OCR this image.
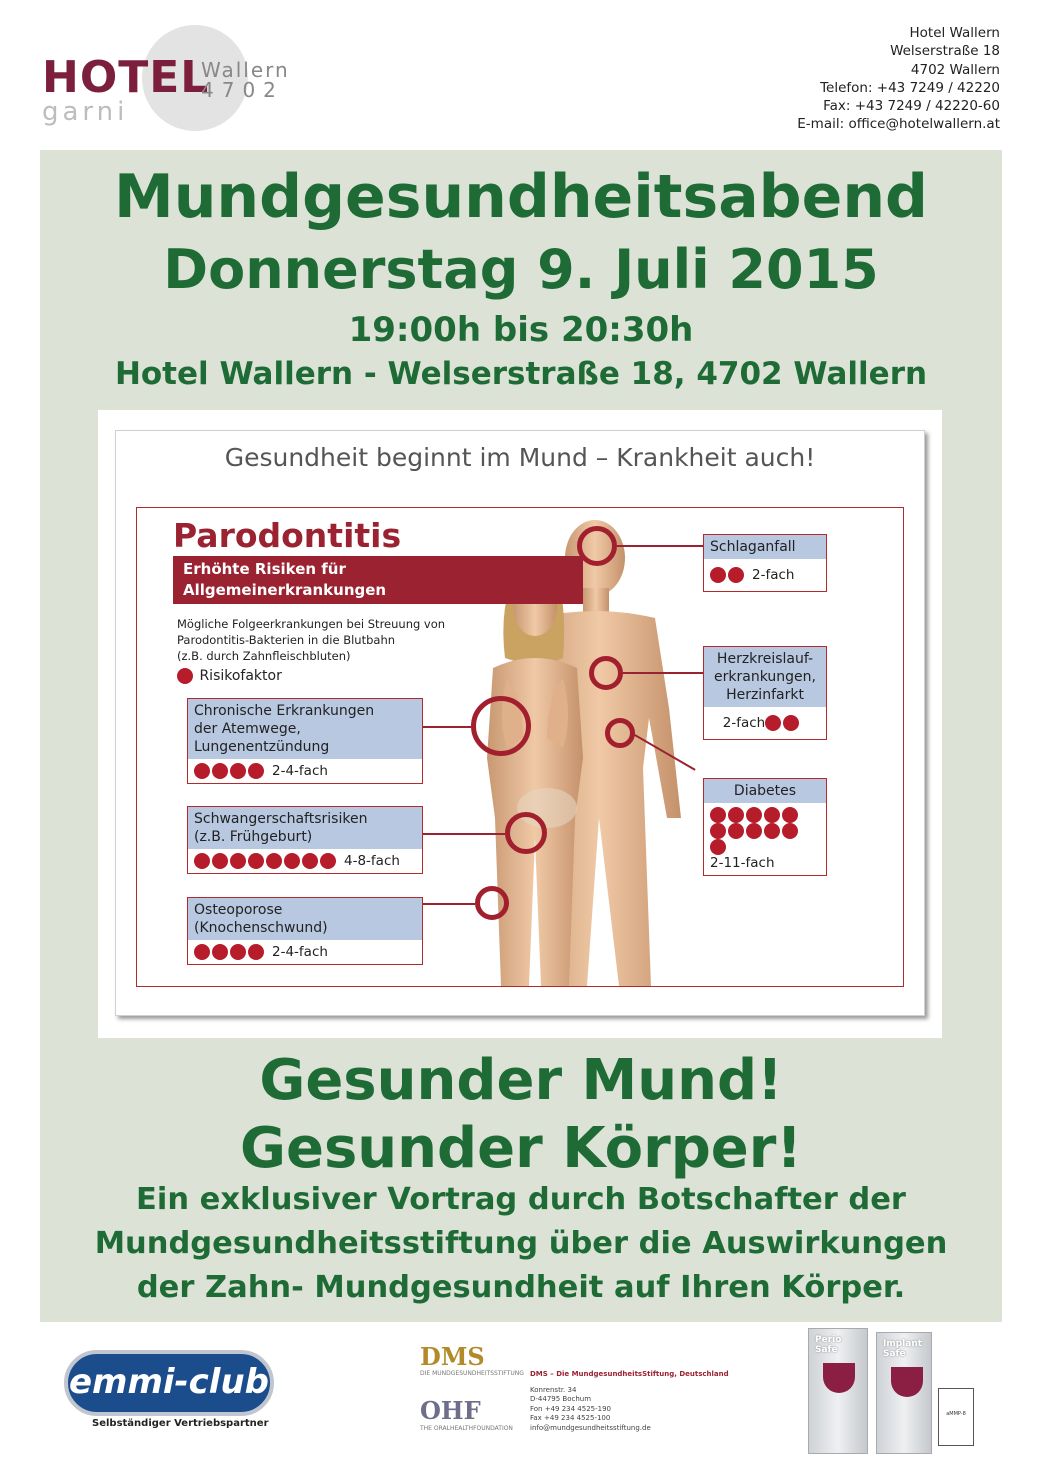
HOTEL
garni
Wallern
4702
Hotel Wallern
Welserstraße 18
4702 Wallern
Telefon: +43 7249 / 42220
Fax: +43 7249 / 42220-60
E-mail: office@hotelwallern.at
Mundgesundheitsabend
Donnerstag 9. Juli 2015
19:00h bis 20:30h
Hotel Wallern - Welserstraße 18, 4702 Wallern
Gesunder Mund!
Gesunder Körper!
Ein exklusiver Vortrag durch Botschafter der
Mundgesundheitsstiftung über die Auswirkungen
der Zahn- Mundgesundheit auf Ihren Körper.
Gesundheit beginnt im Mund – Krankheit auch!
Parodontitis
Erhöhte Risiken für
Allgemeinerkrankungen
Mögliche Folgeerkrankungen bei Streuung von
Parodontitis-Bakterien in die Blutbahn
(z.B. durch Zahnfleischbluten)
Risikofaktor
Chronische Erkrankungen
der Atemwege,
Lungenentzündung
2-4-fach
Schwangerschaftsrisiken
(z.B. Frühgeburt)
4-8-fach
Osteoporose
(Knochenschwund)
2-4-fach
Schlaganfall
2-fach
Herzkreislauf-
erkrankungen,
Herzinfarkt
2-fach
Diabetes

2-11-fach
emmi-club
Selbständiger Vertriebspartner
DMS
DIE MUNDGESUNDHEITSSTIFTUNG
OHF
THE ORALHEALTHFOUNDATION
DMS – Die MundgesundheitsStiftung, Deutschland
Konrenstr. 34
D-44795 Bochum
Fon +49 234 4525-190
Fax +49 234 4525-100
info@mundgesundheitsstiftung.de
Perio Safe
Implant Safe
aMMP-8
